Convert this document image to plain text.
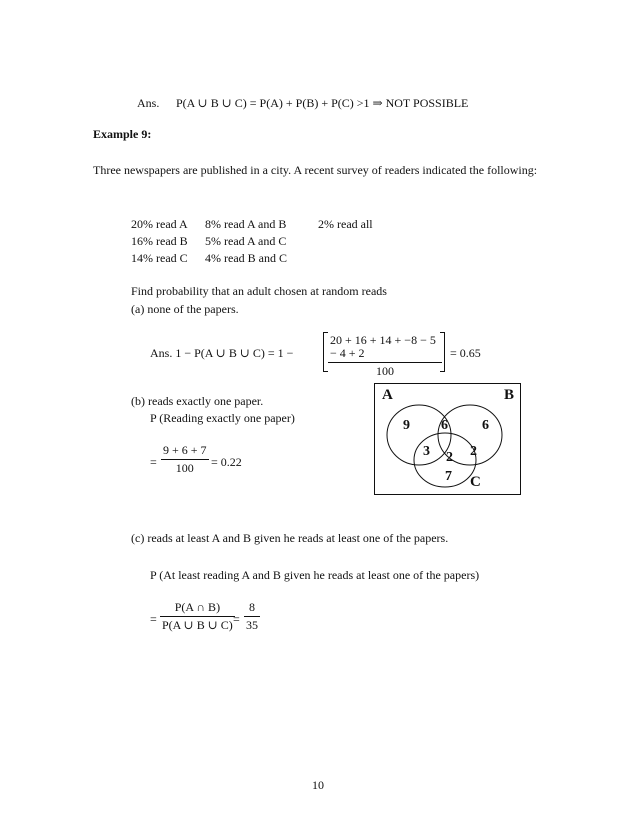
Ans. P(A ∪ B ∪ C) = P(A) + P(B) + P(C) >1 ⇒ NOT POSSIBLE
Example 9:
Three newspapers are published in a city. A recent survey of readers indicated the following:
20% read A
16% read B
14% read C
8% read A and B
5% read A and C
4% read B and C
2% read all
Find probability that an adult chosen at random reads
(a) none of the papers.
Ans. 1 − P(A ∪ B ∪ C) = 1 −	$\frac{20 + 16 + 14 + -8 - 5 - 4 + 2}{100} = 0.65$
(b) reads exactly one paper.
P (Reading exactly one paper)
= $\frac{9 + 6 + 7}{100} = 0.22$
A	B
C
9 6 6
3 2 2
7
(c) reads at least A and B given he reads at least one of the papers.
P (At least reading A and B given he reads at least one of the papers)
= $\frac{P(A \cap B)}{P(A \cup B \cup C)}$
= $\frac{8}{35}$
10
